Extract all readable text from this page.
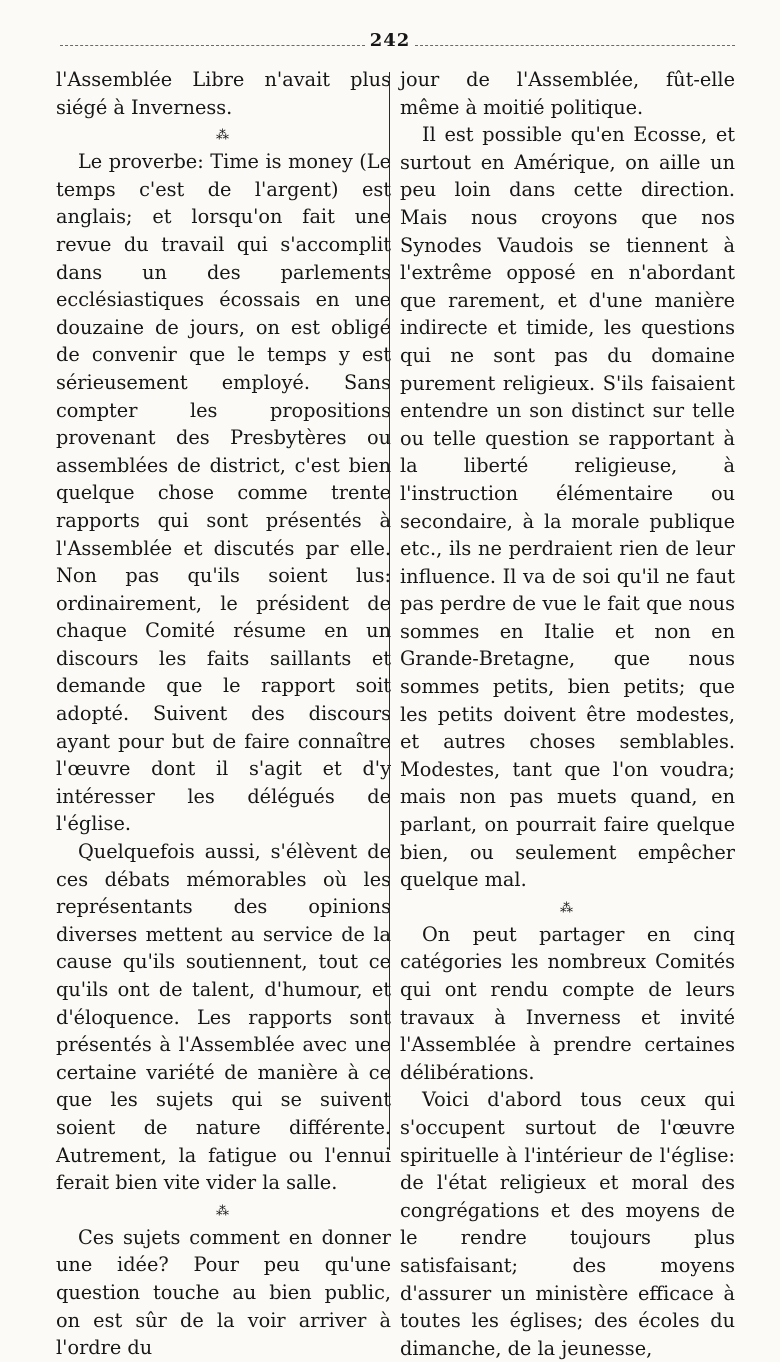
242

l'Assemblée Libre n'avait plus siégé à Inverness.

⁂

Le proverbe: Time is money (Le temps c'est de l'argent) est anglais; et lorsqu'on fait une revue du travail qui s'accomplit dans un des parlements ecclésiastiques écossais en une douzaine de jours, on est obligé de convenir que le temps y est sérieusement employé. Sans compter les propositions provenant des Presbytères ou assemblées de district, c'est bien quelque chose comme trente rapports qui sont présentés à l'Assemblée et discutés par elle. Non pas qu'ils soient lus: ordinairement, le président de chaque Comité résume en un discours les faits saillants et demande que le rapport soit adopté. Suivent des discours ayant pour but de faire connaître l'œuvre dont il s'agit et d'y intéresser les délégués de l'église.

Quelquefois aussi, s'élèvent de ces débats mémorables où les représentants des opinions diverses mettent au service de la cause qu'ils soutiennent, tout ce qu'ils ont de talent, d'humour, et d'éloquence. Les rapports sont présentés à l'Assemblée avec une certaine variété de manière à ce que les sujets qui se suivent soient de nature différente. Autrement, la fatigue ou l'ennui ferait bien vite vider la salle.

⁂

Ces sujets comment en donner une idée? Pour peu qu'une question touche au bien public, on est sûr de la voir arriver à l'ordre du

jour de l'Assemblée, fût-elle même à moitié politique.

Il est possible qu'en Ecosse, et surtout en Amérique, on aille un peu loin dans cette direction. Mais nous croyons que nos Synodes Vaudois se tiennent à l'extrême opposé en n'abordant que rarement, et d'une manière indirecte et timide, les questions qui ne sont pas du domaine purement religieux. S'ils faisaient entendre un son distinct sur telle ou telle question se rapportant à la liberté religieuse, à l'instruction élémentaire ou secondaire, à la morale publique etc., ils ne perdraient rien de leur influence. Il va de soi qu'il ne faut pas perdre de vue le fait que nous sommes en Italie et non en Grande-Bretagne, que nous sommes petits, bien petits; que les petits doivent être modestes, et autres choses semblables. Modestes, tant que l'on voudra; mais non pas muets quand, en parlant, on pourrait faire quelque bien, ou seulement empêcher quelque mal.

⁂

On peut partager en cinq catégories les nombreux Comités qui ont rendu compte de leurs travaux à Inverness et invité l'Assemblée à prendre certaines délibérations.

Voici d'abord tous ceux qui s'occupent surtout de l'œuvre spirituelle à l'intérieur de l'église: de l'état religieux et moral des congrégations et des moyens de le rendre toujours plus satisfaisant; des moyens d'assurer un ministère efficace à toutes les églises; des écoles du dimanche, de la jeunesse,
